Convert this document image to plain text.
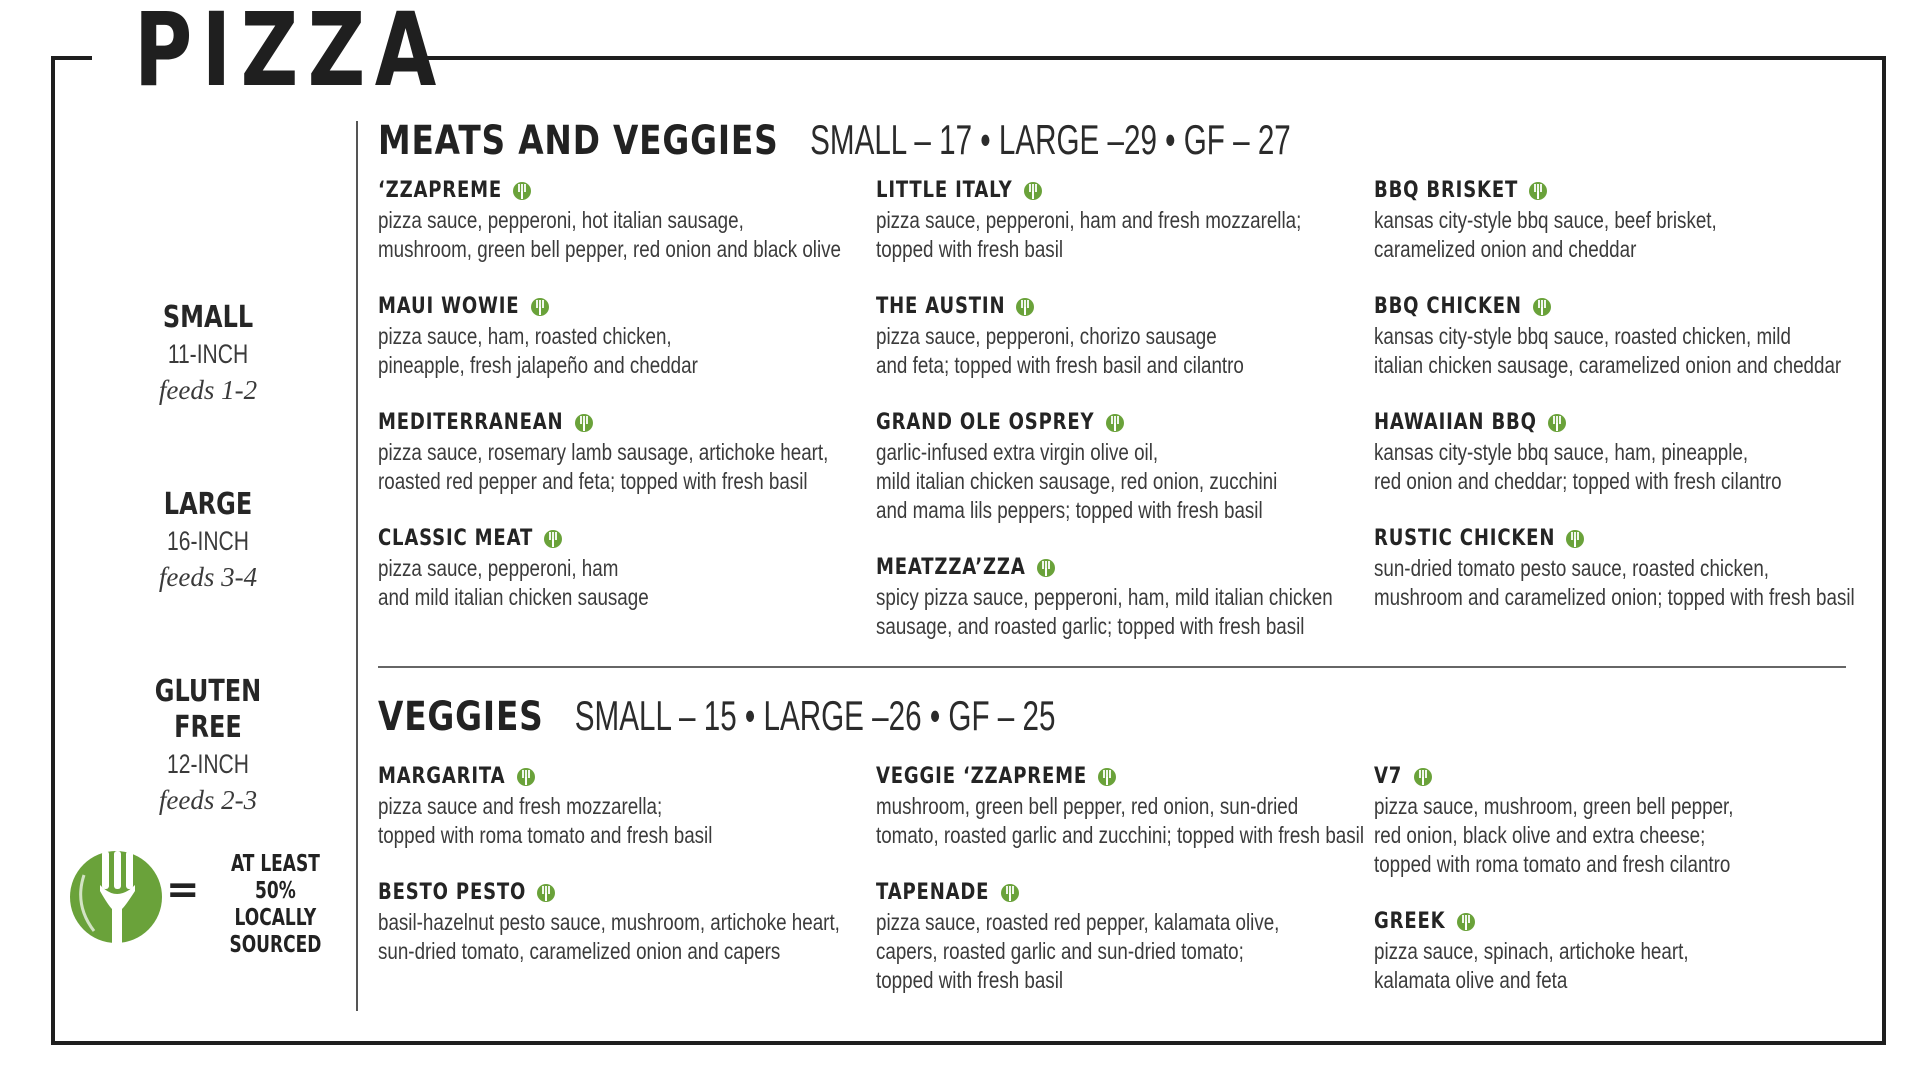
PIZZA
SMALL
11-INCH
feeds 1-2
LARGE
16-INCH
feeds 3-4
GLUTEN FREE
12-INCH
feeds 2-3
=
AT LEAST
50%
LOCALLY SOURCED
MEATS AND VEGGIES SMALL – 17 • LARGE –29 • GF – 27
VEGGIES SMALL – 15 • LARGE –26 • GF – 25
‘ZZAPREME
pizza sauce, pepperoni, hot italian sausage,
mushroom, green bell pepper, red onion and black olive
MAUI WOWIE
pizza sauce, ham, roasted chicken,
pineapple, fresh jalapeño and cheddar
MEDITERRANEAN
pizza sauce, rosemary lamb sausage, artichoke heart,
roasted red pepper and feta; topped with fresh basil
CLASSIC MEAT
pizza sauce, pepperoni, ham
and mild italian chicken sausage
LITTLE ITALY
pizza sauce, pepperoni, ham and fresh mozzarella;
topped with fresh basil
THE AUSTIN
pizza sauce, pepperoni, chorizo sausage
and feta; topped with fresh basil and cilantro
GRAND OLE OSPREY
garlic-infused extra virgin olive oil,
mild italian chicken sausage, red onion, zucchini
and mama lils peppers; topped with fresh basil
MEATZZA’ZZA
spicy pizza sauce, pepperoni, ham, mild italian chicken
sausage, and roasted garlic; topped with fresh basil
BBQ BRISKET
kansas city-style bbq sauce, beef brisket,
caramelized onion and cheddar
BBQ CHICKEN
kansas city-style bbq sauce, roasted chicken, mild
italian chicken sausage, caramelized onion and cheddar
HAWAIIAN BBQ
kansas city-style bbq sauce, ham, pineapple,
red onion and cheddar; topped with fresh cilantro
RUSTIC CHICKEN
sun-dried tomato pesto sauce, roasted chicken,
mushroom and caramelized onion; topped with fresh basil
MARGARITA
pizza sauce and fresh mozzarella;
topped with roma tomato and fresh basil
BESTO PESTO
basil-hazelnut pesto sauce, mushroom, artichoke heart,
sun-dried tomato, caramelized onion and capers
VEGGIE ‘ZZAPREME
mushroom, green bell pepper, red onion, sun-dried
tomato, roasted garlic and zucchini; topped with fresh basil
TAPENADE
pizza sauce, roasted red pepper, kalamata olive,
capers, roasted garlic and sun-dried tomato;
topped with fresh basil
V7
pizza sauce, mushroom, green bell pepper,
red onion, black olive and extra cheese;
topped with roma tomato and fresh cilantro
GREEK
pizza sauce, spinach, artichoke heart,
kalamata olive and feta
